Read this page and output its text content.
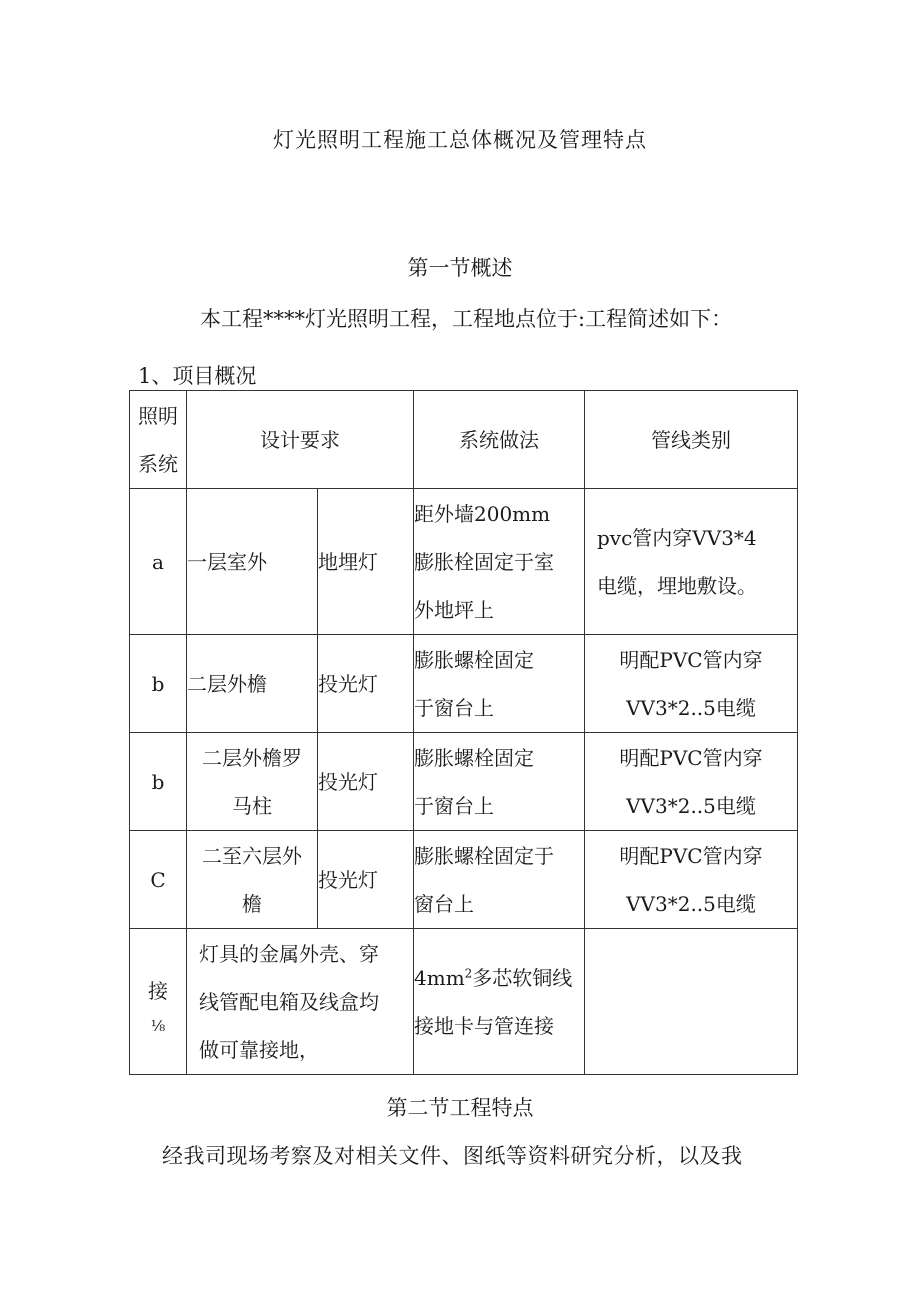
灯光照明工程施工总体概况及管理特点
第一节概述
本工程****灯光照明工程，工程地点位于:工程简述如下：
1、项目概况
照明
系统	设计要求		系统做法	管线类别
a	一层室外	地埋灯	距外墙200mm
膨胀栓固定于室
外地坪上	pvc管内穿VV3*4
电缆，埋地敷设。

b	二层外檐	投光灯	膨胀螺栓固定
于窗台上	明配PVC管内穿
VV3*2..5电缆

b	二层外檐罗
马柱	投光灯	膨胀螺栓固定
于窗台上	明配PVC管内穿
VV3*2..5电缆

C	二至六层外
檐	投光灯	膨胀螺栓固定于
窗台上	明配PVC管内穿
VV3*2..5电缆

接
⅛	灯具的金属外壳、穿
线管配电箱及线盒均
做可靠接地，		$4mm^2$多芯软铜线
接地卡与管连接	

第二节工程特点
经我司现场考察及对相关文件、图纸等资料研究分析，以及我
